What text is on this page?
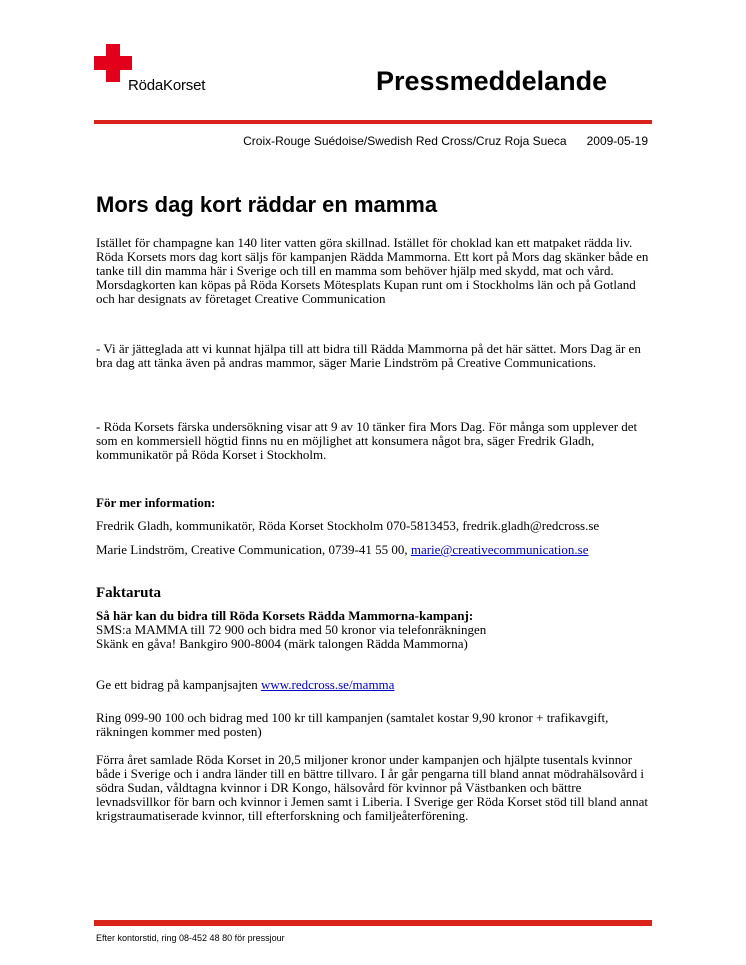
RödaKorset	Pressmeddelande
Croix-Rouge Suédoise/Swedish Red Cross/Cruz Roja Sueca 2009-05-19
Mors dag kort räddar en mamma
Istället för champagne kan 140 liter vatten göra skillnad. Istället för choklad kan ett matpaket rädda liv. Röda Korsets mors dag kort säljs för kampanjen Rädda Mammorna. Ett kort på Mors dag skänker både en tanke till din mamma här i Sverige och till en mamma som behöver hjälp med skydd, mat och vård. Morsdagkorten kan köpas på Röda Korsets Mötesplats Kupan runt om i Stockholms län och på Gotland och har designats av företaget Creative Communication
- Vi är jätteglada att vi kunnat hjälpa till att bidra till Rädda Mammorna på det här sättet. Mors Dag är en bra dag att tänka även på andras mammor, säger Marie Lindström på Creative Communications.
- Röda Korsets färska undersökning visar att 9 av 10 tänker fira Mors Dag. För många som upplever det som en kommersiell högtid finns nu en möjlighet att konsumera något bra, säger Fredrik Gladh, kommunikatör på Röda Korset i Stockholm.
För mer information:
Fredrik Gladh, kommunikatör, Röda Korset Stockholm 070-5813453, fredrik.gladh@redcross.se
Marie Lindström, Creative Communication, 0739-41 55 00, marie@creativecommunication.se
Faktaruta
Så här kan du bidra till Röda Korsets Rädda Mammorna-kampanj:
SMS:a MAMMA till 72 900 och bidra med 50 kronor via telefonräkningen
Skänk en gåva! Bankgiro 900-8004 (märk talongen Rädda Mammorna)
Ge ett bidrag på kampanjsajten www.redcross.se/mamma
Ring 099-90 100 och bidrag med 100 kr till kampanjen (samtalet kostar 9,90 kronor + trafikavgift, räkningen kommer med posten)
Förra året samlade Röda Korset in 20,5 miljoner kronor under kampanjen och hjälpte tusentals kvinnor både i Sverige och i andra länder till en bättre tillvaro. I år går pengarna till bland annat mödrahälsovård i södra Sudan, våldtagna kvinnor i DR Kongo, hälsovård för kvinnor på Västbanken och bättre levnadsvillkor för barn och kvinnor i Jemen samt i Liberia. I Sverige ger Röda Korset stöd till bland annat krigstraumatiserade kvinnor, till efterforskning och familjeåterförening.
Efter kontorstid, ring 08-452 48 80 för pressjour
